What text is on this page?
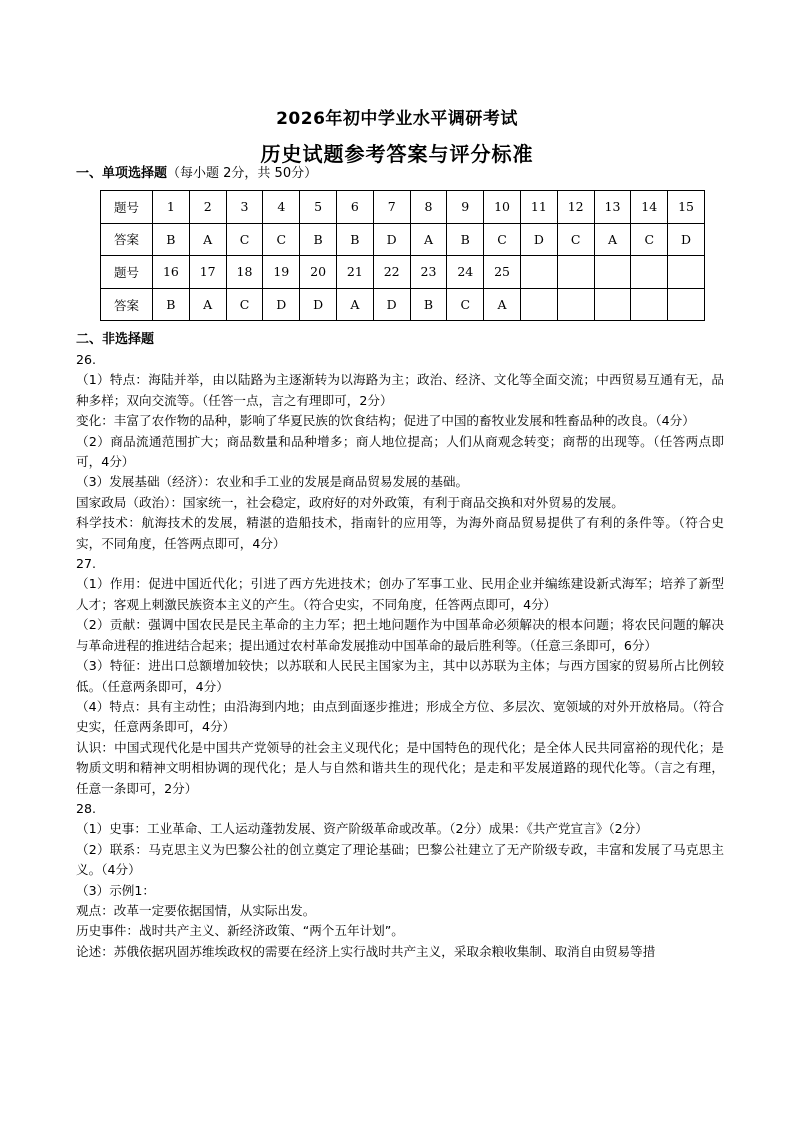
2026年初中学业水平调研考试
历史试题参考答案与评分标准
一、单项选择题（每小题 2分，共 50分）
题号	1	2	3	4	5	6	7	8	9	10	11	12	13	14	15
答案	B	A	C	C	B	B	D	A	B	C	D	C	A	C	D
题号	16	17	18	19	20	21	22	23	24	25					
答案	B	A	C	D	D	A	D	B	C	A					
二、非选择题

26.

（1）特点：海陆并举，由以陆路为主逐渐转为以海路为主；政治、经济、文化等全面交流；中西贸易互通有无，品种多样；双向交流等。（任答一点，言之有理即可，2分）

变化：丰富了农作物的品种，影响了华夏民族的饮食结构；促进了中国的畜牧业发展和牲畜品种的改良。（4分）

（2）商品流通范围扩大；商品数量和品种增多；商人地位提高；人们从商观念转变；商帮的出现等。（任答两点即可，4分）

（3）发展基础（经济）：农业和手工业的发展是商品贸易发展的基础。

国家政局（政治）：国家统一，社会稳定，政府好的对外政策，有利于商品交换和对外贸易的发展。

科学技术：航海技术的发展，精湛的造船技术，指南针的应用等，为海外商品贸易提供了有利的条件等。（符合史实，不同角度，任答两点即可，4分）

27.

（1）作用：促进中国近代化；引进了西方先进技术；创办了军事工业、民用企业并编练建设新式海军；培养了新型人才；客观上刺激民族资本主义的产生。（符合史实，不同角度，任答两点即可，4分）

（2）贡献：强调中国农民是民主革命的主力军；把土地问题作为中国革命必须解决的根本问题；将农民问题的解决与革命进程的推进结合起来；提出通过农村革命发展推动中国革命的最后胜利等。（任意三条即可，6分）

（3）特征：进出口总额增加较快；以苏联和人民民主国家为主，其中以苏联为主体；与西方国家的贸易所占比例较低。（任意两条即可，4分）

（4）特点：具有主动性；由沿海到内地；由点到面逐步推进；形成全方位、多层次、宽领域的对外开放格局。（符合史实，任意两条即可，4分）

认识：中国式现代化是中国共产党领导的社会主义现代化；是中国特色的现代化；是全体人民共同富裕的现代化；是物质文明和精神文明相协调的现代化；是人与自然和谐共生的现代化；是走和平发展道路的现代化等。（言之有理，任意一条即可，2分）

28.

（1）史事：工业革命、工人运动蓬勃发展、资产阶级革命或改革。（2分）成果：《共产党宣言》（2分）

（2）联系：马克思主义为巴黎公社的创立奠定了理论基础；巴黎公社建立了无产阶级专政，丰富和发展了马克思主义。（4分）

（3）示例1：

观点：改革一定要依据国情，从实际出发。

历史事件：战时共产主义、新经济政策、“两个五年计划”。

论述：苏俄依据巩固苏维埃政权的需要在经济上实行战时共产主义，采取余粮收集制、取消自由贸易等措
